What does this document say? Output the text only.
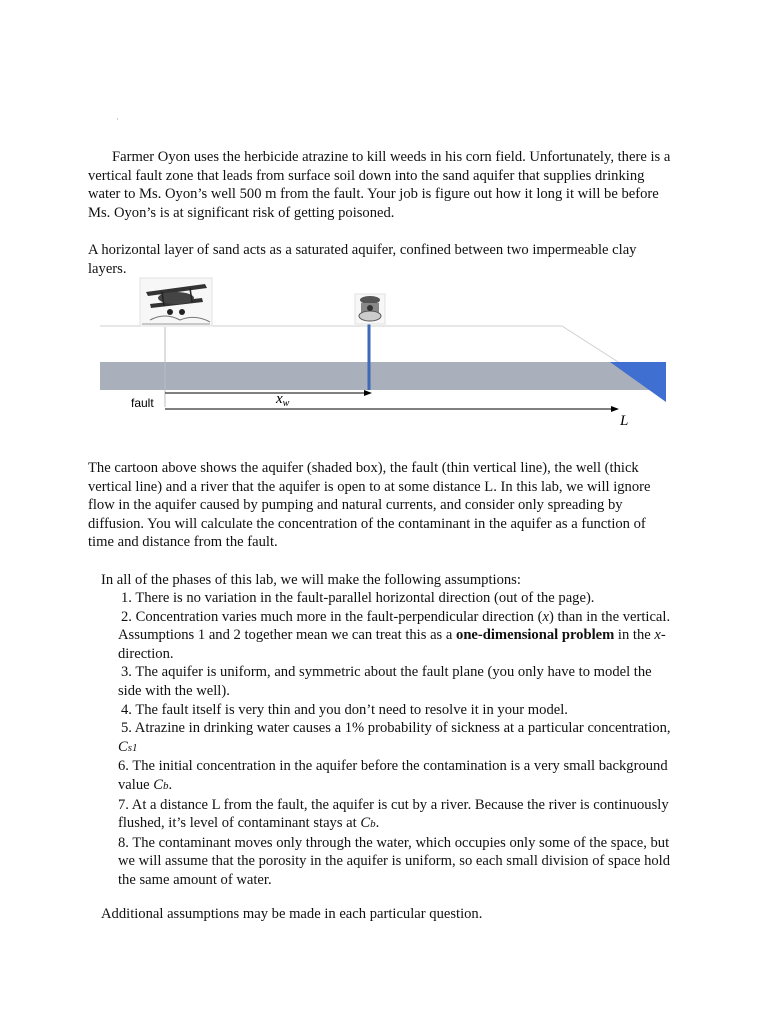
·

Farmer Oyon uses the herbicide atrazine to kill weeds in his corn field. Unfortunately, there is a vertical fault zone that leads from surface soil down into the sand aquifer that supplies drinking water to Ms. Oyon’s well 500 m from the fault. Your job is figure out how it long it will be before Ms. Oyon’s is at significant risk of getting poisoned.

A horizontal layer of sand acts as a saturated aquifer, confined between two impermeable clay layers.

fault	$x_w$
L

The cartoon above shows the aquifer (shaded box), the fault (thin vertical line), the well (thick vertical line) and a river that the aquifer is open to at some distance L. In this lab, we will ignore flow in the aquifer caused by pumping and natural currents, and consider only spreading by diffusion. You will calculate the concentration of the contaminant in the aquifer as a function of time and distance from the fault.

In all of the phases of this lab, we will make the following assumptions:

1. There is no variation in the fault-parallel horizontal direction (out of the page).
2. Concentration varies much more in the fault-perpendicular direction (x) than in the vertical. Assumptions 1 and 2 together mean we can treat this as a one-dimensional problem in the x-direction.
3. The aquifer is uniform, and symmetric about the fault plane (you only have to model the side with the well).
4. The fault itself is very thin and you don’t need to resolve it in your model.
5. Atrazine in drinking water causes a 1% probability of sickness at a particular concentration, Cs1
6. The initial concentration in the aquifer before the contamination is a very small background value Cb.
7. At a distance L from the fault, the aquifer is cut by a river. Because the river is continuously flushed, it’s level of contaminant stays at Cb.
8. The contaminant moves only through the water, which occupies only some of the space, but we will assume that the porosity in the aquifer is uniform, so each small division of space hold the same amount of water.

Additional assumptions may be made in each particular question.
